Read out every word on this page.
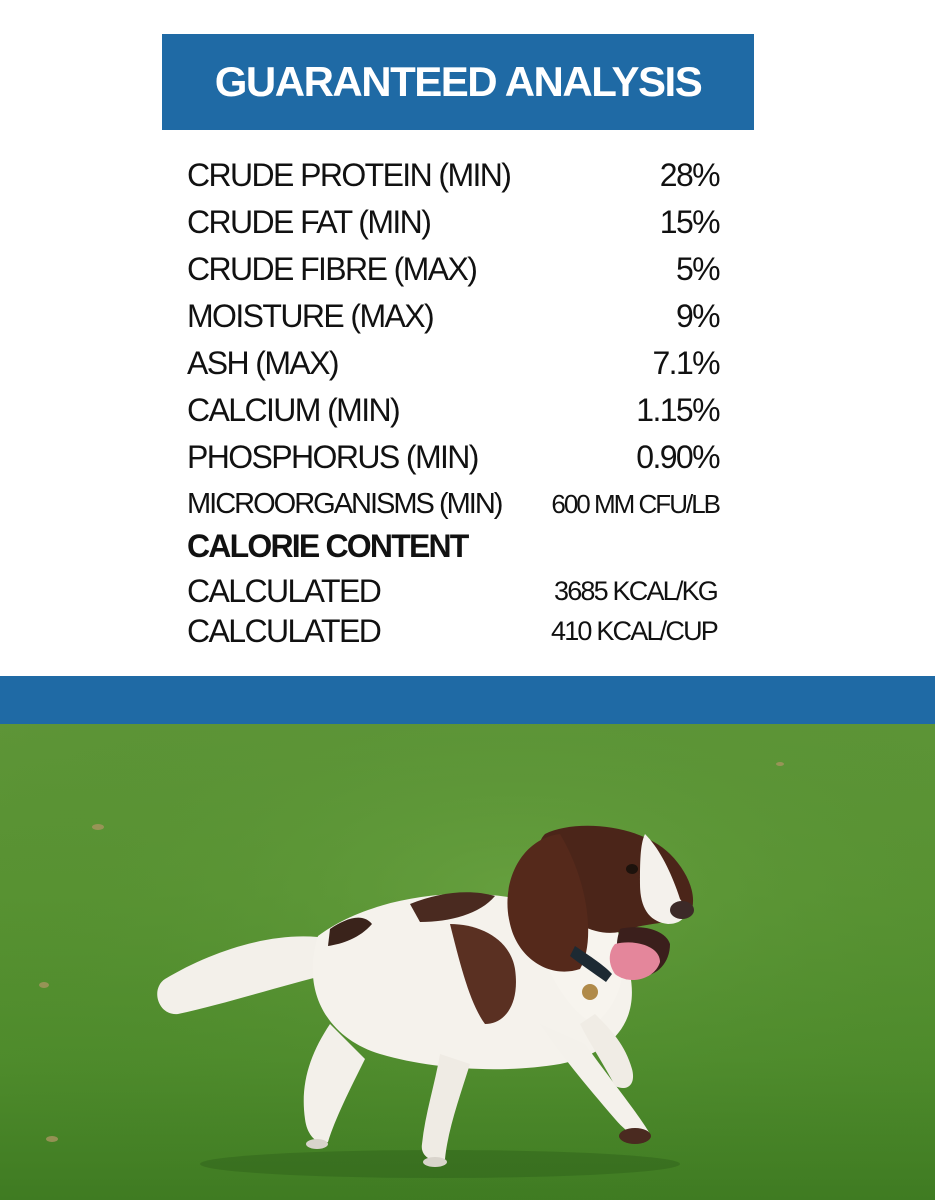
GUARANTEED ANALYSIS
CRUDE PROTEIN (MIN)	28%
CRUDE FAT (MIN)	15%
CRUDE FIBRE (MAX)	5%
MOISTURE (MAX)	9%
ASH (MAX)	7.1%
CALCIUM (MIN)	1.15%
PHOSPHORUS (MIN)	0.90%
MICROORGANISMS (MIN) 600 MM CFU/LB
CALORIE CONTENT
CALCULATED	3685 KCAL/KG
CALCULATED	410 KCAL/CUP
